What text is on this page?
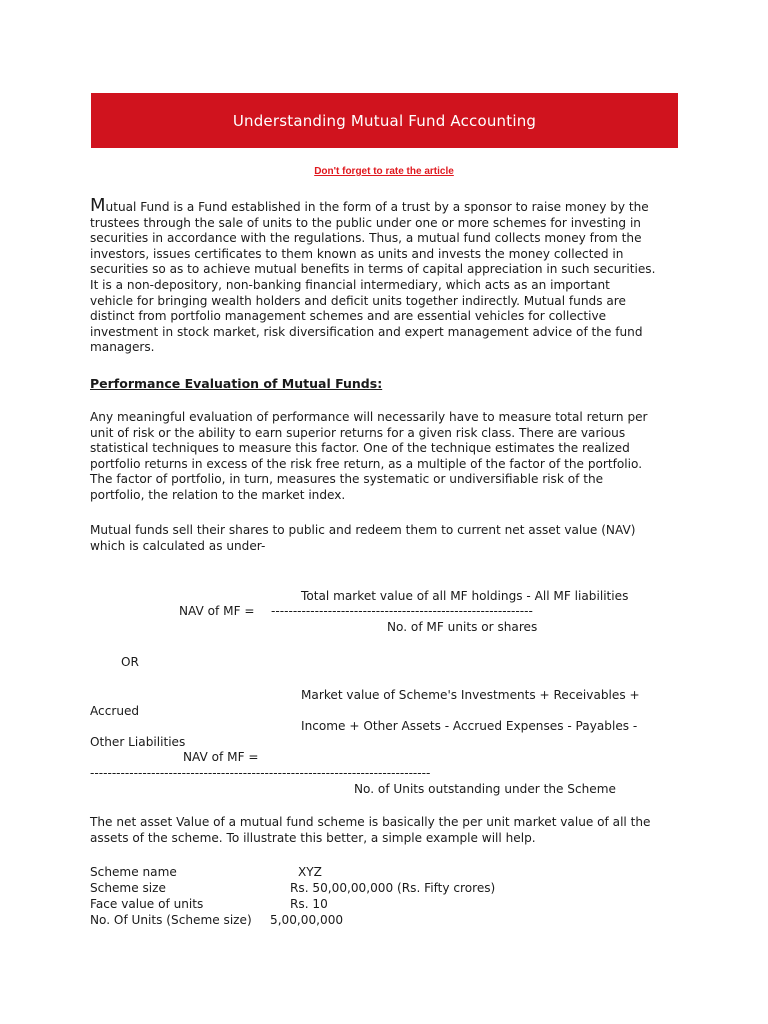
Understanding Mutual Fund Accounting
Don't forget to rate the article
Mutual Fund is a Fund established in the form of a trust by a sponsor to raise money by the
trustees through the sale of units to the public under one or more schemes for investing in
securities in accordance with the regulations. Thus, a mutual fund collects money from the
investors, issues certificates to them known as units and invests the money collected in
securities so as to achieve mutual benefits in terms of capital appreciation in such securities.
It is a non-depository, non-banking financial intermediary, which acts as an important
vehicle for bringing wealth holders and deficit units together indirectly. Mutual funds are
distinct from portfolio management schemes and are essential vehicles for collective
investment in stock market, risk diversification and expert management advice of the fund
managers.
Performance Evaluation of Mutual Funds:
Any meaningful evaluation of performance will necessarily have to measure total return per
unit of risk or the ability to earn superior returns for a given risk class. There are various
statistical techniques to measure this factor. One of the technique estimates the realized
portfolio returns in excess of the risk free return, as a multiple of the factor of the portfolio.
The factor of portfolio, in turn, measures the systematic or undiversifiable risk of the
portfolio, the relation to the market index.
Mutual funds sell their shares to public and redeem them to current net asset value (NAV)
which is calculated as under-
Total market value of all MF holdings - All MF liabilities
NAV of MF = ------------------------------------------------------------
No. of MF units or shares
OR
Market value of Scheme's Investments + Receivables +
Accrued
Income + Other Assets - Accrued Expenses - Payables -
Other Liabilities
NAV of MF =
------------------------------------------------------------------------------
No. of Units outstanding under the Scheme
The net asset Value of a mutual fund scheme is basically the per unit market value of all the
assets of the scheme. To illustrate this better, a simple example will help.
Scheme name	XYZ
Scheme size	Rs. 50,00,00,000 (Rs. Fifty crores)
Face value of units	Rs. 10
No. Of Units (Scheme size) 5,00,00,000
